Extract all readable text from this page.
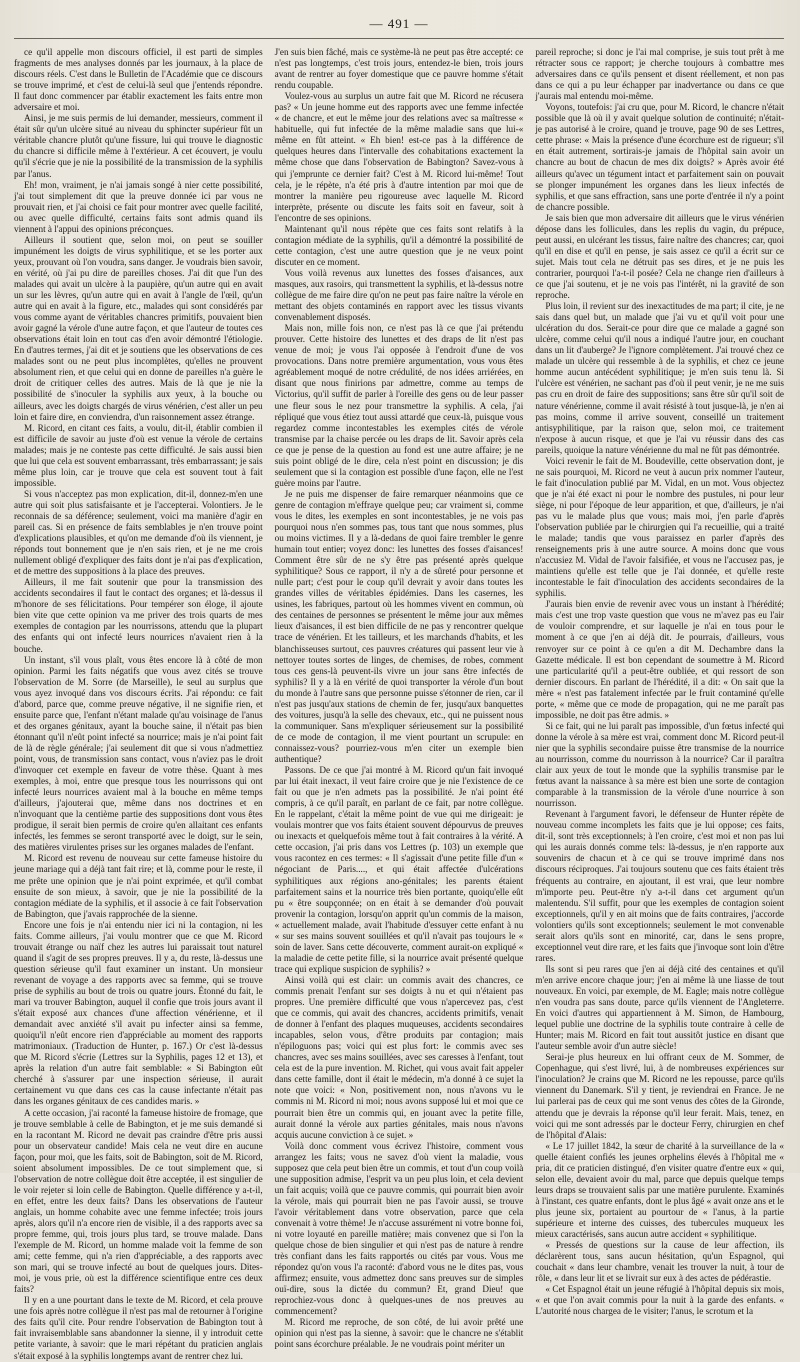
— 491 —

ce qu'il appelle mon discours officiel, il est parti de simples fragments de mes analyses donnés par les journaux, à la place de discours réels. C'est dans le Bulletin de l'Académie que ce discours se trouve imprimé, et c'est de celui-là seul que j'entends répondre. Il faut donc commencer par établir exactement les faits entre mon adversaire et moi.

Ainsi, je me suis permis de lui demander, messieurs, comment il était sûr qu'un ulcère situé au niveau du sphincter supérieur fût un véritable chancre plutôt qu'une fissure, lui qui trouve le diagnostic du chancre si difficile même à l'extérieur. A cet écouvert, je voulu qu'il s'écrie que je nie la possibilité de la transmission de la syphilis par l'anus.

Eh! mon, vraiment, je n'ai jamais songé à nier cette possibilité, j'ai tout simplement dit que la preuve donnée ici par vous ne prouvait rien, et j'ai choisi ce fait pour montrer avec quelle facilité, ou avec quelle difficulté, certains faits sont admis quand ils viennent à l'appui des opinions préconçues.

Ailleurs il soutient que, selon moi, on peut se souiller impunément les doigts de virus syphilitique, et se les porter aux yeux, prouvant où l'on voudra, sans danger. Je voudrais bien savoir, en vérité, où j'ai pu dire de pareilles choses. J'ai dit que l'un des malades qui avait un ulcère à la paupière, qu'un autre qui en avait un sur les lèvres, qu'un autre qui en avait à l'angle de l'œil, qu'un autre qui en avait à la figure, etc., malades qui sont considérés par vous comme ayant de véritables chancres primitifs, pouvaient bien avoir gagné la vérole d'une autre façon, et que l'auteur de toutes ces observations était loin en tout cas d'en avoir démontré l'étiologie. En d'autres termes, j'ai dit et je soutiens que les observations de ces malades sont ou ne peut plus incomplètes, qu'elles ne prouvent absolument rien, et que celui qui en donne de pareilles n'a guère le droit de critiquer celles des autres. Mais de là que je nie la possibilité de s'inoculer la syphilis aux yeux, à la bouche ou ailleurs, avec les doigts chargés de virus vénérien, c'est aller un peu loin et faire dire, en conviendra, d'un raisonnement assez étrange.

M. Ricord, en citant ces faits, a voulu, dit-il, établir combien il est difficile de savoir au juste d'où est venue la vérole de certains malades; mais je ne conteste pas cette difficulté. Je sais aussi bien que lui que cela est souvent embarrassant, très embarrassant; je sais même plus loin, car je trouve que cela est souvent tout à fait impossible.

Si vous n'acceptez pas mon explication, dit-il, donnez-m'en une autre qui soit plus satisfaisante et je l'accepterai. Volontiers. Je le reconnais de sa déférence; seulement, voici ma manière d'agir en pareil cas. Si en présence de faits semblables je n'en trouve point d'explications plausibles, et qu'on me demande d'où ils viennent, je réponds tout bonnement que je n'en sais rien, et je ne me crois nullement obligé d'expliquer des faits dont je n'ai pas d'explication, et de mettre des suppositions à la place des preuves.

Ailleurs, il me fait soutenir que pour la transmission des accidents secondaires il faut le contact des organes; et là-dessus il m'honore de ses félicitations. Pour tempérer son éloge, il ajoute bien vite que cette opinion va me priver des trois quarts de mes exemples de contagion par les nourrissons, attendu que la plupart des enfants qui ont infecté leurs nourrices n'avaient rien à la bouche.

Un instant, s'il vous plaît, vous êtes encore là à côté de mon opinion. Parmi les faits négatifs que vous avez cités se trouve l'observation de M. Sorre (de Marseille), le seul au surplus que vous ayez invoqué dans vos discours écrits. J'ai répondu: ce fait d'abord, parce que, comme preuve négative, il ne signifie rien, et ensuite parce que, l'enfant n'étant malade qu'au voisinage de l'anus et des organes génitaux, ayant la bouche saine, il n'était pas bien étonnant qu'il n'eût point infecté sa nourrice; mais je n'ai point fait de là de règle générale; j'ai seulement dit que si vous n'admettiez point, vous, de transmission sans contact, vous n'aviez pas le droit d'invoquer cet exemple en faveur de votre thèse. Quant à mes exemples, à moi, entre que presque tous les nourrissons qui ont infecté leurs nourrices avaient mal à la bouche en même temps d'ailleurs, j'ajouterai que, même dans nos doctrines et en n'invoquant que la centième partie des suppositions dont vous êtes prodigue, il serait bien permis de croire qu'en allaitant ces enfants infectés, les femmes se seront transporté avec le doigt, sur le sein, des matières virulentes prises sur les organes malades de l'enfant.

M. Ricord est revenu de nouveau sur cette fameuse histoire du jeune mariage qui a déjà tant fait rire; et là, comme pour le reste, il me prête une opinion que je n'ai point exprimée, et qu'il combat ensuite de son mieux, à savoir, que je nie la possibilité de la contagion médiate de la syphilis, et il associe à ce fait l'observation de Babington, que j'avais rapprochée de la sienne.

Encore une fois je n'ai entendu nier ici ni la contagion, ni les faits. Comme ailleurs, j'ai voulu montrer que ce que M. Ricord trouvait étrange ou naïf chez les autres lui paraissait tout naturel quand il s'agit de ses propres preuves. Il y a, du reste, là-dessus une question sérieuse qu'il faut examiner un instant. Un monsieur revenant de voyage a des rapports avec sa femme, qui se trouve prise de syphilis au bout de trois ou quatre jours. Étonné du fait, le mari va trouver Babington, auquel il confie que trois jours avant il s'était exposé aux chances d'une affection vénérienne, et il demandait avec anxiété s'il avait pu infecter ainsi sa femme, quoiqu'il n'eût encore rien d'appréciable au moment des rapports matrimoniaux. (Traduction de Hunter, p. 167.) Or c'est là-dessus que M. Ricord s'écrie (Lettres sur la Syphilis, pages 12 et 13), et après la relation d'un autre fait semblable: « Si Babington eût cherché à s'assurer par une inspection sérieuse, il aurait certainement vu que dans ces cas la cause infectante n'était pas dans les organes génitaux de ces candides maris. »

A cette occasion, j'ai raconté la fameuse histoire de fromage, que je trouve semblable à celle de Babington, et je me suis demandé si en la racontant M. Ricord ne devait pas craindre d'être pris aussi pour un observateur candide! Mais cela ne veut dire en aucune façon, pour moi, que les faits, soit de Babington, soit de M. Ricord, soient absolument impossibles. De ce tout simplement que, si l'observation de notre collègue doit être acceptée, il est singulier de le voir rejeter si loin celle de Babington. Quelle différence y a-t-il, en effet, entre les deux faits? Dans les observations de l'auteur anglais, un homme cohabite avec une femme infectée; trois jours après, alors qu'il n'a encore rien de visible, il a des rapports avec sa propre femme, qui, trois jours plus tard, se trouve malade. Dans l'exemple de M. Ricord, un homme malade voit la femme de son ami; cette femme, qui n'a rien d'appréciable, a des rapports avec son mari, qui se trouve infecté au bout de quelques jours. Dites-moi, je vous prie, où est la différence scientifique entre ces deux faits?

Il y en a une pourtant dans le texte de M. Ricord, et cela prouve une fois après notre collègue il n'est pas mal de retourner à l'origine des faits qu'il cite. Pour rendre l'observation de Babington tout à fait invraisemblable sans abandonner la sienne, il y introduit cette petite variante, à savoir: que le mari répétant du praticien anglais s'était exposé à la syphilis longtemps avant de rentrer chez lui.

J'en suis bien fâché, mais ce système-là ne peut pas être accepté: ce n'est pas longtemps, c'est trois jours, entendez-le bien, trois jours avant de rentrer au foyer domestique que ce pauvre homme s'était rendu coupable.

Voulez-vous au surplus un autre fait que M. Ricord ne récusera pas? « Un jeune homme eut des rapports avec une femme infectée « de chancre, et eut le même jour des relations avec sa maîtresse « habituelle, qui fut infectée de la même maladie sans que lui-« même en fût atteint. « Eh bien! est-ce pas à la différence de quelques heures dans l'intervalle des cohabitations exactement la même chose que dans l'observation de Babington? Savez-vous à qui j'emprunte ce dernier fait? C'est à M. Ricord lui-même! Tout cela, je le répète, n'a été pris à d'autre intention par moi que de montrer la manière peu rigoureuse avec laquelle M. Ricord interprète, présente ou discute les faits soit en faveur, soit à l'encontre de ses opinions.

Maintenant qu'il nous répète que ces faits sont relatifs à la contagion médiate de la syphilis, qu'il a démontré la possibilité de cette contagion, c'est une autre question que je ne veux point discuter en ce moment.

Vous voilà revenus aux lunettes des fosses d'aisances, aux masques, aux rasoirs, qui transmettent la syphilis, et là-dessus notre collègue de me faire dire qu'on ne peut pas faire naître la vérole en mettant des objets contaminés en rapport avec les tissus vivants convenablement disposés.

Mais non, mille fois non, ce n'est pas là ce que j'ai prétendu prouver. Cette histoire des lunettes et des draps de lit n'est pas venue de moi; je vous l'ai opposée à l'endroit d'une de vos provocations. Dans notre première argumentation, vous vous êtes agréablement moqué de notre crédulité, de nos idées arriérées, en disant que nous finirions par admettre, comme au temps de Victorius, qu'il suffit de parler à l'oreille des gens ou de leur passer une fleur sous le nez pour transmettre la syphilis. A cela, j'ai répliqué que vous étiez tout aussi attardé que ceux-là, puisque vous regardez comme incontestables les exemples cités de vérole transmise par la chaise percée ou les draps de lit. Savoir après cela ce que je pense de la question au fond est une autre affaire; je ne suis point obligé de le dire, cela n'est point en discussion; je dis seulement que si la contagion est possible d'une façon, elle ne l'est guère moins par l'autre.

Je ne puis me dispenser de faire remarquer néanmoins que ce genre de contagion m'effraye quelque peu; car vraiment si, comme vous le dites, les exemples en sont incontestables, je ne vois pas pourquoi nous n'en sommes pas, tous tant que nous sommes, plus ou moins victimes. Il y a là-dedans de quoi faire trembler le genre humain tout entier; voyez donc: les lunettes des fosses d'aisances! Comment être sûr de ne s'y être pas présenté après quelque syphilitique? Sous ce rapport, il n'y a de sûreté pour personne et nulle part; c'est pour le coup qu'il devrait y avoir dans toutes les grandes villes de véritables épidémies. Dans les casernes, les usines, les fabriques, partout où les hommes vivent en commun, où des centaines de personnes se présentent le même jour aux mêmes lieux d'aisances, il est bien difficile de ne pas y rencontrer quelque trace de vénérien. Et les tailleurs, et les marchands d'habits, et les blanchisseuses surtout, ces pauvres créatures qui passent leur vie à nettoyer toutes sortes de linges, de chemises, de robes, comment tous ces gens-là peuvent-ils vivre un jour sans être infectés de syphilis? Il y a là en vérité de quoi transporter la vérole d'un bout du monde à l'autre sans que personne puisse s'étonner de rien, car il n'est pas jusqu'aux stations de chemin de fer, jusqu'aux banquettes des voitures, jusqu'à la selle des chevaux, etc., qui ne puissent nous la communiquer. Sans m'expliquer sérieusement sur la possibilité de ce mode de contagion, il me vient pourtant un scrupule: en connaissez-vous? pourriez-vous m'en citer un exemple bien authentique?

Passons. De ce que j'ai montré à M. Ricord qu'un fait invoqué par lui était inexact, il veut faire croire que je nie l'existence de ce fait ou que je n'en admets pas la possibilité. Je n'ai point été compris, à ce qu'il paraît, en parlant de ce fait, par notre collègue. En le rappelant, c'était la même point de vue qui me dirigeait: je voulais montrer que vos faits étaient souvent dépourvus de preuves ou inexacts et quelquefois même tout à fait contraires à la vérité. A cette occasion, j'ai pris dans vos Lettres (p. 103) un exemple que vous racontez en ces termes: « Il s'agissait d'une petite fille d'un « négociant de Paris...., et qui était affectée d'ulcérations syphilitiques aux régions ano-génitales; les parents étaient parfaitement sains et la nourrice très bien portante, quoiqu'elle eût pu « être soupçonnée; on en était à se demander d'où pouvait provenir la contagion, lorsqu'on apprit qu'un commis de la maison, « actuellement malade, avait l'habitude d'essuyer cette enfant à nu « sur ses mains souvent souillées et qu'il n'avait pas toujours le « soin de laver. Sans cette découverte, comment aurait-on expliqué « la maladie de cette petite fille, si la nourrice avait présenté quelque trace qui explique suspicion de syphilis? »

Ainsi voilà qui est clair: un commis avait des chancres, ce commis prenait l'enfant sur ses doigts à nu et qui n'étaient pas propres. Une première difficulté que vous n'apercevez pas, c'est que ce commis, qui avait des chancres, accidents primitifs, venait de donner à l'enfant des plaques muqueuses, accidents secondaires incapables, selon vous, d'être produits par contagion; mais n'épiloguons pas; voici qui est plus fort: le commis avec ses chancres, avec ses mains souillées, avec ses caresses à l'enfant, tout cela est de la pure invention. M. Richet, qui vous avait fait appeler dans cette famille, dont il était le médecin, m'a donné à ce sujet la note que voici: « Non, positivement non, nous n'avons vu le commis ni M. Ricord ni moi; nous avons supposé lui et moi que ce pourrait bien être un commis qui, en jouant avec la petite fille, aurait donné la vérole aux parties génitales, mais nous n'avons acquis aucune conviction à ce sujet. »

Voilà donc comment vous écrivez l'histoire, comment vous arrangez les faits; vous ne savez d'où vient la maladie, vous supposez que cela peut bien être un commis, et tout d'un coup voilà une supposition admise, l'esprit va un peu plus loin, et cela devient un fait acquis; voilà que ce pauvre commis, qui pourrait bien avoir la vérole, mais qui pourrait bien ne pas l'avoir aussi, se trouve l'avoir véritablement dans votre observation, parce que cela convenait à votre thème! Je n'accuse assurément ni votre bonne foi, ni votre loyauté en pareille matière; mais convenez que si l'on la quelque chose de bien singulier et qui n'est pas de nature à rendre très confiant dans les faits rapportés ou cités par vous. Vous me répondez qu'on vous l'a raconté: d'abord vous ne le dites pas, vous affirmez; ensuite, vous admettez donc sans preuves sur de simples ouï-dire, sous la dictée du commun? Et, grand Dieu! que reprochiez-vous donc à quelques-unes de nos preuves au commencement?

M. Ricord me reproche, de son côté, de lui avoir prêté une opinion qui n'est pas la sienne, à savoir: que le chancre ne s'établit point sans écorchure préalable. Je ne voudrais point mériter un

pareil reproche; si donc je l'ai mal comprise, je suis tout prêt à me rétracter sous ce rapport; je cherche toujours à combattre mes adversaires dans ce qu'ils pensent et disent réellement, et non pas dans ce qui a pu leur échapper par inadvertance ou dans ce que j'aurais mal entendu moi-même.

Voyons, toutefois: j'ai cru que, pour M. Ricord, le chancre n'était possible que là où il y avait quelque solution de continuité; n'était-je pas autorisé à le croire, quand je trouve, page 90 de ses Lettres, cette phrase: « Mais la présence d'une écorchure est de rigueur; s'il en était autrement, sortirais-je jamais de l'hôpital sain avoir un chancre au bout de chacun de mes dix doigts? » Après avoir été ailleurs qu'avec un tégument intact et parfaitement sain on pouvait se plonger impunément les organes dans les lieux infectés de syphilis, et que sans effraction, sans une porte d'entrée il n'y a point de chancre possible.

Je sais bien que mon adversaire dit ailleurs que le virus vénérien dépose dans les follicules, dans les replis du vagin, du prépuce, peut aussi, en ulcérant les tissus, faire naître des chancres; car, quoi qu'il en dise et qu'il en pense, je sais assez ce qu'il a écrit sur ce sujet. Mais tout cela ne détruit pas ses dires, et je ne puis les contrarier, pourquoi l'a-t-il posée? Cela ne change rien d'ailleurs à ce que j'ai soutenu, et je ne vois pas l'intérêt, ni la gravité de son reproche.

Plus loin, il revient sur des inexactitudes de ma part; il cite, je ne sais dans quel but, un malade que j'ai vu et qu'il voit pour une ulcération du dos. Serait-ce pour dire que ce malade a gagné son ulcère, comme celui qu'il nous a indiqué l'autre jour, en couchant dans un lit d'auberge? Je l'ignore complètement. J'ai trouvé chez ce malade un ulcère qui ressemble à de la syphilis, et chez ce jeune homme aucun antécédent syphilitique; je m'en suis tenu là. Si l'ulcère est vénérien, ne sachant pas d'où il peut venir, je ne me suis pas cru en droit de faire des suppositions; sans être sûr qu'il soit de nature vénérienne, comme il avait résisté à tout jusque-là, je n'en ai pas moins, comme il arrive souvent, conseillé un traitement antisyphilitique, par la raison que, selon moi, ce traitement n'expose à aucun risque, et que je l'ai vu réussir dans des cas pareils, quoique la nature vénérienne du mal ne fût pas démontrée.

Voici revenir le fait de M. Boudeville, cette observation dont, je ne sais pourquoi, M. Ricord ne veut à aucun prix nommer l'auteur, le fait d'inoculation publié par M. Vidal, en un mot. Vous objectez que je n'ai été exact ni pour le nombre des pustules, ni pour leur siège, ni pour l'époque de leur apparition, et que, d'ailleurs, je n'ai pas vu le malade plus que vous; mais moi, j'en parle d'après l'observation publiée par le chirurgien qui l'a recueillie, qui a traité le malade; tandis que vous paraissez en parler d'après des renseignements pris à une autre source. A moins donc que vous n'accusiez M. Vidal de l'avoir falsifiée, et vous ne l'accusez pas, je maintiens qu'elle est telle que je l'ai donnée, et qu'elle reste incontestable le fait d'inoculation des accidents secondaires de la syphilis.

J'aurais bien envie de revenir avec vous un instant à l'hérédité; mais c'est une trop vaste question que vous ne m'avez pas eu l'air de vouloir comprendre, et sur laquelle je n'ai en tous pour le moment à ce que j'en ai déjà dit. Je pourrais, d'ailleurs, vous renvoyer sur ce point à ce qu'en a dit M. Dechambre dans la Gazette médicale. Il est bon cependant de soumettre à M. Ricord une particularité qu'il a peut-être oubliée, et qui ressort de son dernier discours. En parlant de l'hérédité, il a dit: « On sait que la mère « n'est pas fatalement infectée par le fruit contaminé qu'elle porte, « même que ce mode de propagation, qui ne me paraît pas impossible, ne doit pas être admis. »

Si ce fait, qui ne lui paraît pas impossible, d'un fœtus infecté qui donne la vérole à sa mère est vrai, comment donc M. Ricord peut-il nier que la syphilis secondaire puisse être transmise de la nourrice au nourrisson, comme du nourrisson à la nourrice? Car il paraîtra clair aux yeux de tout le monde que la syphilis transmise par le fœtus avant la naissance à sa mère est bien une sorte de contagion comparable à la transmission de la vérole d'une nourrice à son nourrisson.

Revenant à l'argument favori, le défenseur de Hunter répète de nouveau comme incomplets les faits que je lui oppose; ces faits, dit-il, sont très exceptionnels; à l'en croire, c'est moi et non pas lui qui les aurais donnés comme tels: là-dessus, je n'en rapporte aux souvenirs de chacun et à ce qui se trouve imprimé dans nos discours réciproques. J'ai toujours soutenu que ces faits étaient très fréquents au contraire, en ajoutant, il est vrai, que leur nombre m'importe peu. Peut-être n'y a-t-il dans cet argument qu'un malentendu. S'il suffit, pour que les exemples de contagion soient exceptionnels, qu'il y en ait moins que de faits contraires, j'accorde volontiers qu'ils sont exceptionnels; seulement le mot convenable serait alors qu'ils sont en minorité, car, dans le sens propre, exceptionnel veut dire rare, et les faits que j'invoque sont loin d'être rares.

Ils sont si peu rares que j'en ai déjà cité des centaines et qu'il m'en arrive encore chaque jour; j'en ai même là une liasse de tout nouveaux. En voici, par exemple, de M. Eagle; mais notre collègue n'en voudra pas sans doute, parce qu'ils viennent de l'Angleterre. En voici d'autres qui appartiennent à M. Simon, de Hambourg, lequel publie une doctrine de la syphilis toute contraire à celle de Hunter; mais M. Ricord en fait tout aussitôt justice en disant que l'auteur semble avoir d'un autre siècle!

Serai-je plus heureux en lui offrant ceux de M. Sommer, de Copenhague, qui s'est livré, lui, à de nombreuses expériences sur l'inoculation? Je crains que M. Ricord ne les repousse, parce qu'ils viennent du Danemark. S'il y tient, je reviendrai en France. Je ne lui parlerai pas de ceux qui me sont venus des côtes de la Gironde, attendu que je devrais la réponse qu'il leur ferait. Mais, tenez, en voici qui me sont adressés par le docteur Ferry, chirurgien en chef de l'hôpital d'Alais:

« Le 17 juillet 1842, la sœur de charité à la surveillance de la « quelle étaient confiés les jeunes orphelins élevés à l'hôpital me « pria, dit ce praticien distingué, d'en visiter quatre d'entre eux « qui, selon elle, devaient avoir du mal, parce que depuis quelque temps leurs draps se trouvaient salis par une matière purulente. Examinés à l'instant, ces quatre enfants, dont le plus âgé « avait onze ans et le plus jeune six, portaient au pourtour de « l'anus, à la partie supérieure et interne des cuisses, des tubercules muqueux les mieux caractérisés, sans aucun autre accident « syphilitique.

« Pressés de questions sur la cause de leur affection, ils déclarèrent tous, sans aucun hésitation, qu'un Espagnol, qui couchait « dans leur chambre, venait les trouver la nuit, à tour de rôle, « dans leur lit et se livrait sur eux à des actes de pédérastie.

« Cet Espagnol était un jeune réfugié à l'hôpital depuis six mois, « et que l'on avait commis pour la nuit à la garde des enfants. « L'autorité nous chargea de le visiter; l'anus, le scrotum et la
